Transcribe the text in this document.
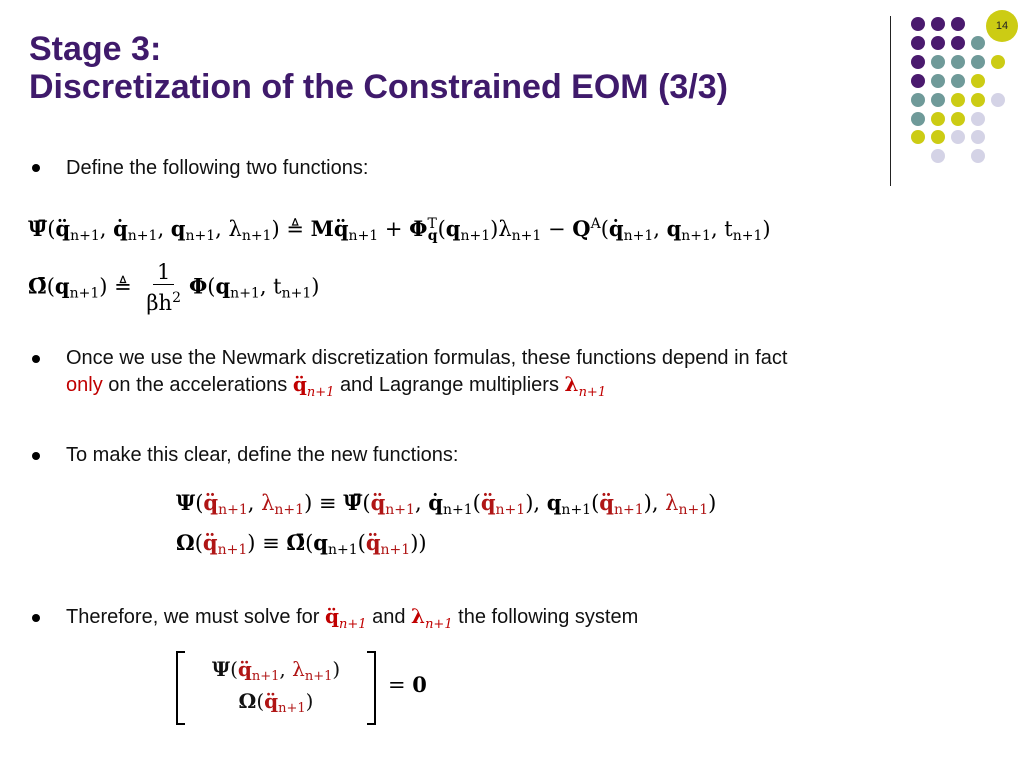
Stage 3:
Discretization of the Constrained EOM (3/3)
14
Define the following two functions:
$\Psī(q̈_{n+1}$, $q̇_{n+1}$, $q_{n+1}$, $\lambda_{n+1}$) ≜ $Mq̈_{n+1} + \Phi^T_q(q_{n+1})\lambda_{n+1}$ − $Q^A(q̇_{n+1}$, $q_{n+1}$, $t_{n+1}$)
$\Omegā(q_{n+1})$ ≜ $\frac{1}{\beta h^2} \Phi(q_{n+1}$, $t_{n+1}$)
Once we use the Newmark discretization formulas, these functions depend in fact
only on the accelerations $q̈_{n+1}$ and Lagrange multipliers $\lambda_{n+1}$
To make this clear, define the new functions:
$\Psi(q̈_{n+1}$, $\lambda_{n+1}$) ≡ $\Psī(q̈_{n+1}$, $q̇_{n+1}(q̈_{n+1})$, $q_{n+1}(q̈_{n+1})$, $\lambda_{n+1}$)
$\Omega(q̈_{n+1})$ ≡ $\Omegā(q_{n+1}(q̈_{n+1}))$
Therefore, we must solve for $q̈_{n+1}$ and $\lambda_{n+1}$ the following system
$\Psi(q̈_{n+1}$, $\lambda_{n+1}$)
$\Omega(q̈_{n+1})$
= 0
